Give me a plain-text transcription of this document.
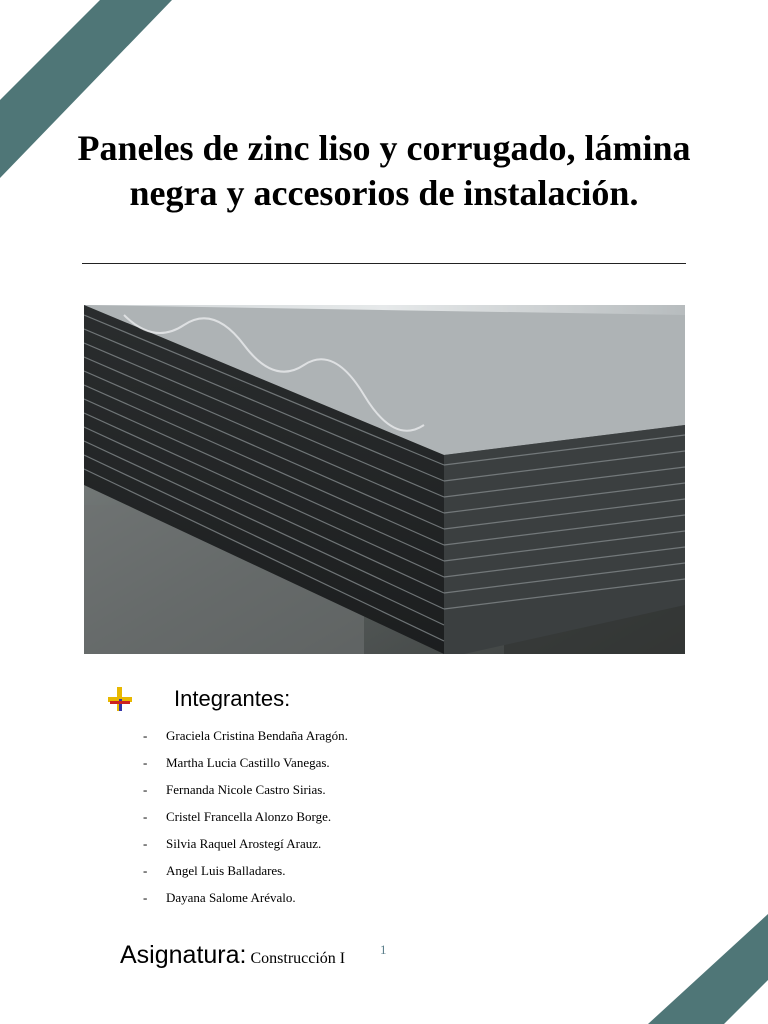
Paneles de zinc liso y corrugado, lámina
negra y accesorios de instalación.
Integrantes:
- Graciela Cristina Bendaña Aragón.
- Martha Lucia Castillo Vanegas.
- Fernanda Nicole Castro Sirias.
- Cristel Francella Alonzo Borge.
- Silvia Raquel Arostegí Arauz.
- Angel Luis Balladares.
- Dayana Salome Arévalo.
Asignatura: Construcción I
1
